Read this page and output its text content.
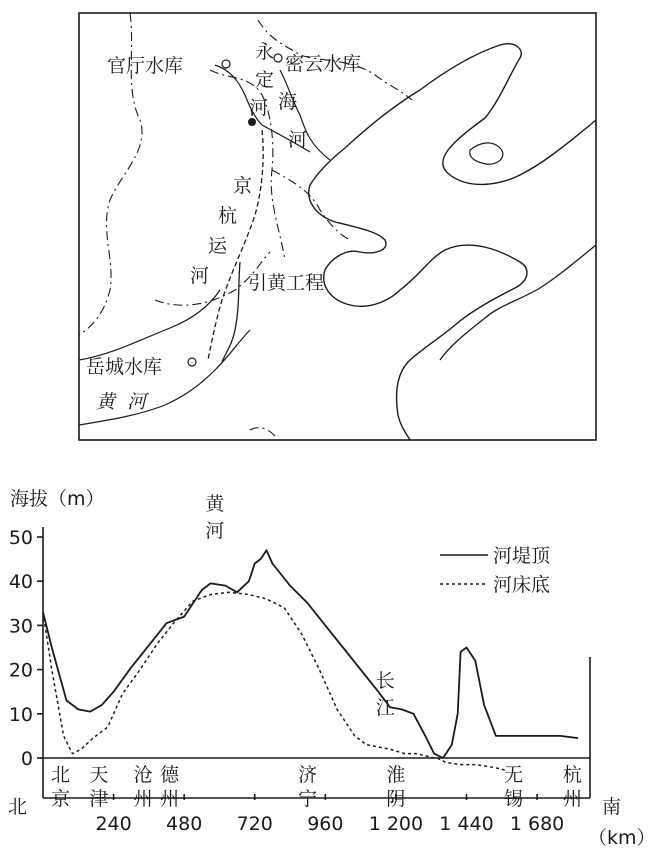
官厅水库
永
定
河
密云水库
海
河
京
杭
运
河 引黄工程
岳城水库
黄  河
海拔（m）
0
10
20
30
40
50
240 480 720 960 1 200 1 440 1 680
北
京
天
津
沧
州
德
州
济
宁
淮
阴
无
锡
杭
州
黄
河
长
江
河堤顶
河床底
北	南
（km）
